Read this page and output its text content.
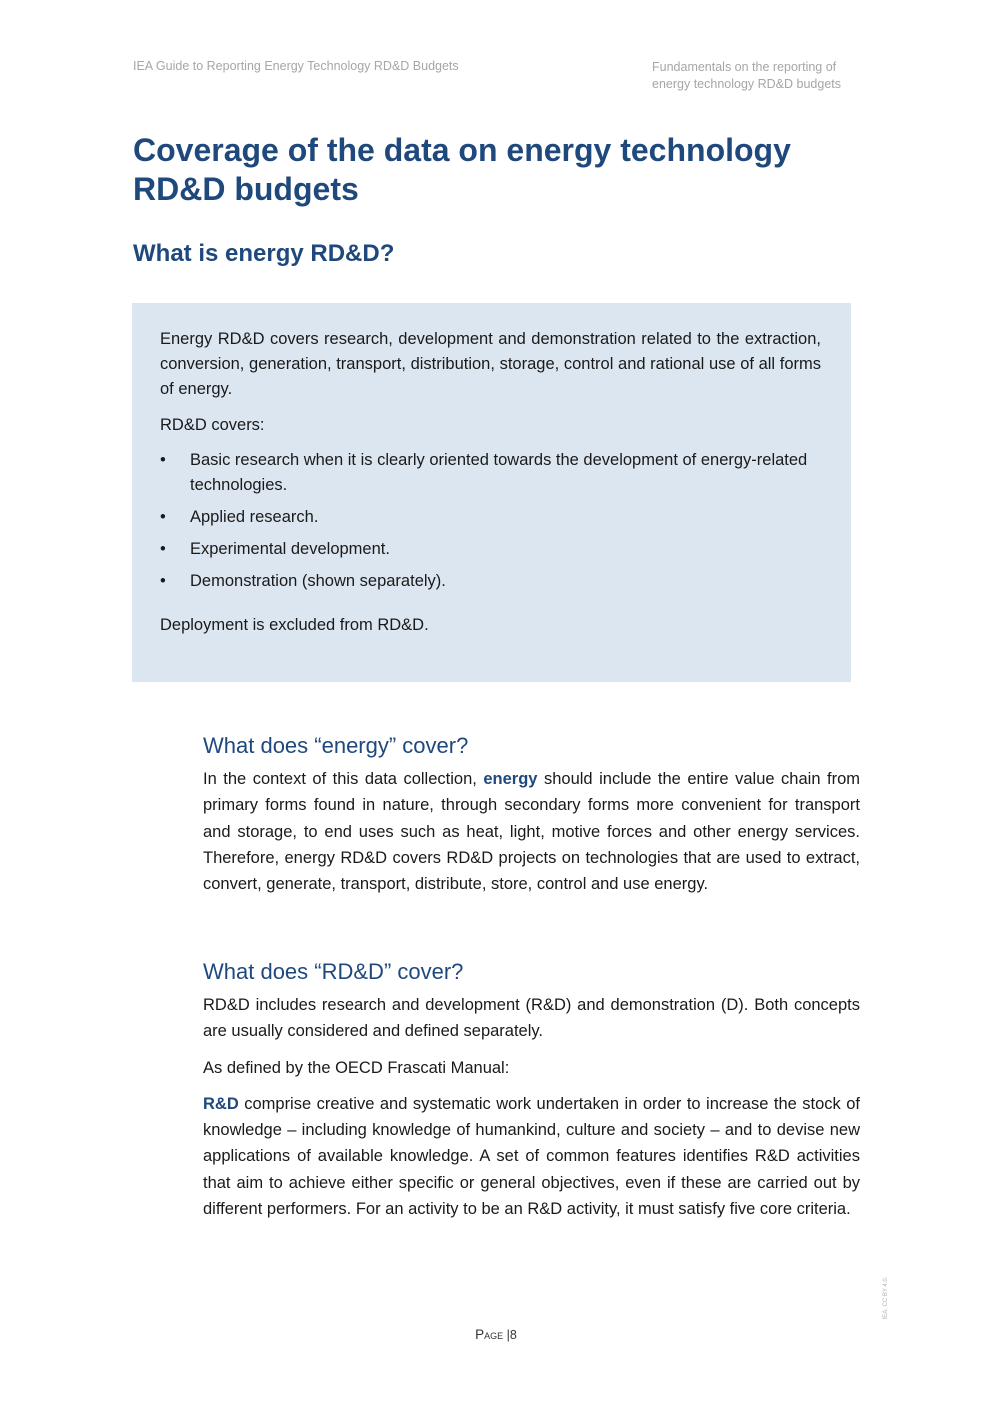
IEA Guide to Reporting Energy Technology RD&D Budgets	Fundamentals on the reporting of
energy technology RD&D budgets
Coverage of the data on energy technology RD&D budgets
What is energy RD&D?

Energy RD&D covers research, development and demonstration related to the extraction, conversion, generation, transport, distribution, storage, control and rational use of all forms of energy.

RD&D covers:

• Basic research when it is clearly oriented towards the development of energy-related technologies.
• Applied research.
• Experimental development.
• Demonstration (shown separately).

Deployment is excluded from RD&D.

What does “energy” cover?

In the context of this data collection, energy should include the entire value chain from primary forms found in nature, through secondary forms more convenient for transport and storage, to end uses such as heat, light, motive forces and other energy services. Therefore, energy RD&D covers RD&D projects on technologies that are used to extract, convert, generate, transport, distribute, store, control and use energy.

What does “RD&D” cover?

RD&D includes research and development (R&D) and demonstration (D). Both concepts are usually considered and defined separately.

As defined by the OECD Frascati Manual:

R&D comprise creative and systematic work undertaken in order to increase the stock of knowledge – including knowledge of humankind, culture and society – and to devise new applications of available knowledge. A set of common features identifies R&D activities that aim to achieve either specific or general objectives, even if these are carried out by different performers. For an activity to be an R&D activity, it must satisfy five core criteria.

Page |8
IEA. CC BY 4.0.
